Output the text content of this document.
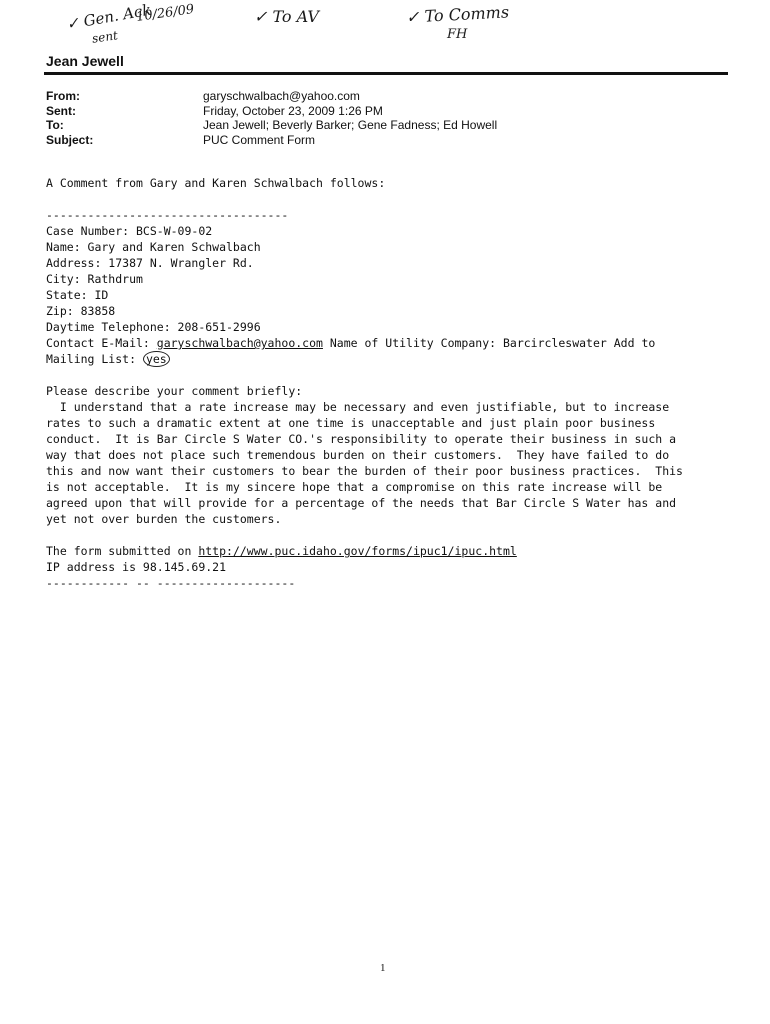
✓ Gen. Ack

10/26/09

sent

✓ To AV	✓ To Comms

FH

Jean Jewell

From:	garyschwalbach@yahoo.com
Sent:	Friday, October 23, 2009 1:26 PM
To:	Jean Jewell; Beverly Barker; Gene Fadness; Ed Howell
Subject:	PUC Comment Form

A Comment from Gary and Karen Schwalbach follows:

-----------------------------------

Case Number: BCS-W-09-02

Name: Gary and Karen Schwalbach

Address: 17387 N. Wrangler Rd.

City: Rathdrum

State: ID

Zip: 83858

Daytime Telephone: 208-651-2996

Contact E-Mail: garyschwalbach@yahoo.com Name of Utility Company: Barcircleswater Add to

Mailing List: yes

Please describe your comment briefly:

I understand that a rate increase may be necessary and even justifiable, but to increase

rates to such a dramatic extent at one time is unacceptable and just plain poor business

conduct.  It is Bar Circle S Water CO.'s responsibility to operate their business in such a

way that does not place such tremendous burden on their customers.  They have failed to do

this and now want their customers to bear the burden of their poor business practices.  This

is not acceptable.  It is my sincere hope that a compromise on this rate increase will be

agreed upon that will provide for a percentage of the needs that Bar Circle S Water has and

yet not over burden the customers.

The form submitted on http://www.puc.idaho.gov/forms/ipuc1/ipuc.html

IP address is 98.145.69.21

------------ -- --------------------

1
